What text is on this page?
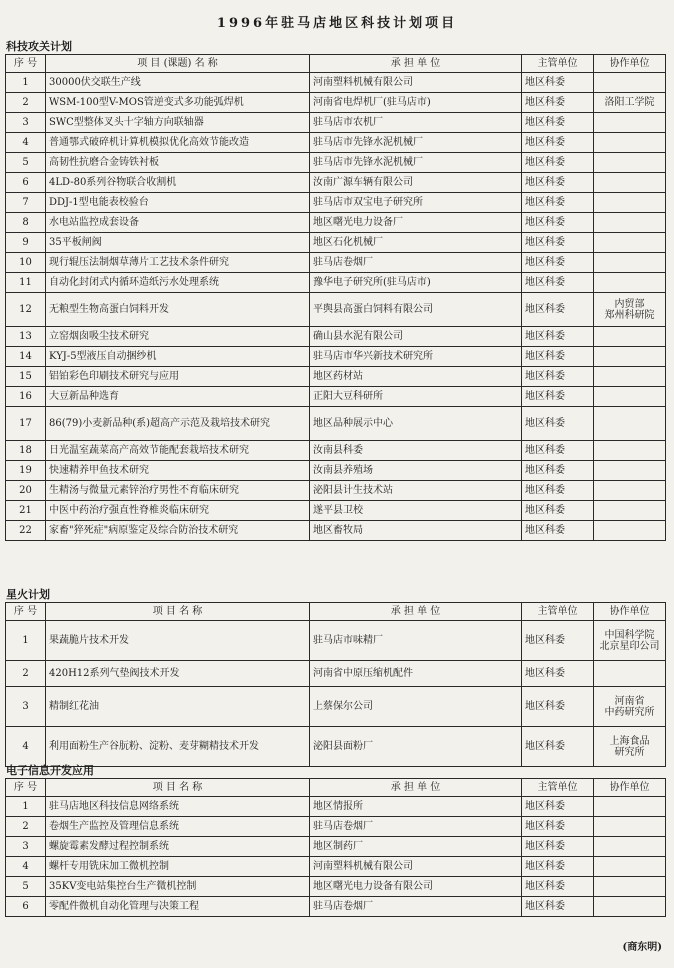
1996年驻马店地区科技计划项目
科技攻关计划
序 号	项 目 (课题) 名 称	承 担 单 位	主管单位	协作单位
1	30000伏交联生产线	河南塑料机械有限公司	地区科委	
2	WSM-100型V-MOS管逆变式多功能弧焊机	河南省电焊机厂(驻马店市)	地区科委	洛阳工学院
3	SWC型整体叉头十字轴方向联轴器	驻马店市农机厂	地区科委	
4	普通鄂式破碎机计算机模拟优化高效节能改造	驻马店市先锋水泥机械厂	地区科委	
5	高韧性抗磨合金铸铁衬板	驻马店市先锋水泥机械厂	地区科委	
6	4LD-80系列谷物联合收割机	汝南广源车辆有限公司	地区科委	
7	DDJ-1型电能表校验台	驻马店市双宝电子研究所	地区科委	
8	水电站监控成套设备	地区曙光电力设备厂	地区科委	
9	35平板闸阀	地区石化机械厂	地区科委	
10	现行辊压法制烟草薄片工艺技术条件研究	驻马店卷烟厂	地区科委	
11	自动化封闭式内循环造纸污水处理系统	豫华电子研究所(驻马店市)	地区科委	
12	无粮型生物高蛋白饲料开发	平舆县高蛋白饲料有限公司	地区科委	内贸部
郑州科研院
13	立窑烟囱吸尘技术研究	确山县水泥有限公司	地区科委	
14	KYJ-5型液压自动捆纱机	驻马店市华兴新技术研究所	地区科委	
15	铝铂彩色印刷技术研究与应用	地区药材站	地区科委	
16	大豆新品种选育	正阳大豆科研所	地区科委	
17	86(79)小麦新品种(系)超高产示范及栽培技术研究	地区品种展示中心	地区科委	
18	日光温室蔬菜高产高效节能配套栽培技术研究	汝南县科委	地区科委	
19	快速精养甲鱼技术研究	汝南县养殖场	地区科委	
20	生精汤与微量元素锌治疗男性不育临床研究	泌阳县计生技术站	地区科委	
21	中医中药治疗强直性脊椎炎临床研究	遂平县卫校	地区科委	
22	家畜"猝死症"病原鉴定及综合防治技术研究	地区畜牧局	地区科委	
星火计划
序 号	项 目 名 称	承 担 单 位	主管单位	协作单位
1	果蔬脆片技术开发	驻马店市味精厂	地区科委	中国科学院
北京星印公司
2	420H12系列气垫阀技术开发	河南省中原压缩机配件	地区科委	
3	精制红花油	上蔡保尔公司	地区科委	河南省
中药研究所
4	利用面粉生产谷朊粉、淀粉、麦芽糊精技术开发	泌阳县面粉厂	地区科委	上海食品
研究所
电子信息开发应用
序 号	项 目 名 称	承 担 单 位	主管单位	协作单位
1	驻马店地区科技信息网络系统	地区情报所	地区科委	
2	卷烟生产监控及管理信息系统	驻马店卷烟厂	地区科委	
3	螺旋霉素发酵过程控制系统	地区制药厂	地区科委	
4	螺杆专用铣床加工微机控制	河南塑料机械有限公司	地区科委	
5	35KV变电站集控台生产微机控制	地区曙光电力设备有限公司	地区科委	
6	零配件微机自动化管理与决策工程	驻马店卷烟厂	地区科委	
(商东明)
